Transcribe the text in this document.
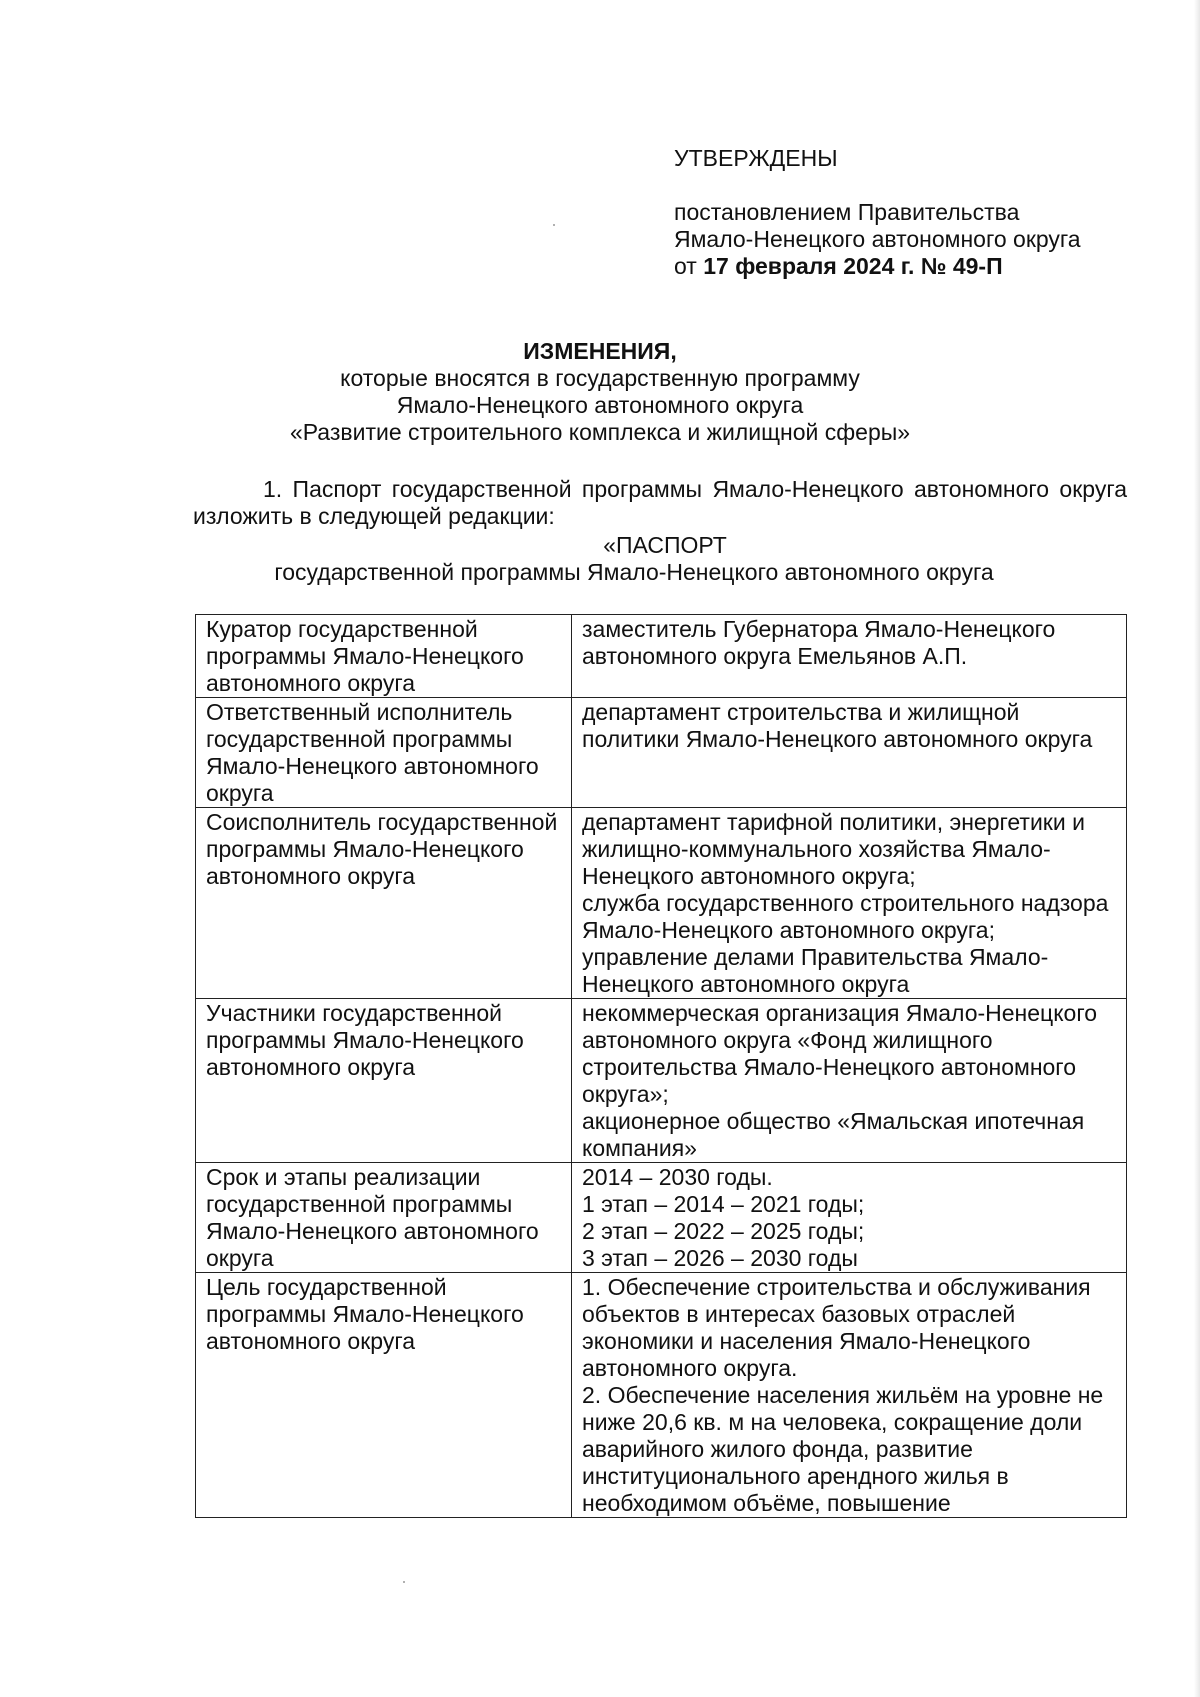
УТВЕРЖДЕНЫ
постановлением Правительства
Ямало-Ненецкого автономного округа
от 17 февраля 2024 г. № 49-П
ИЗМЕНЕНИЯ,
которые вносятся в государственную программу
Ямало-Ненецкого автономного округа
«Развитие строительного комплекса и жилищной сферы»
1. Паспорт государственной программы Ямало-Ненецкого автономного округа изложить в следующей редакции:
«ПАСПОРТ
государственной программы Ямало-Ненецкого автономного округа
Куратор государственной программы Ямало-Ненецкого автономного округа	заместитель Губернатора Ямало-Ненецкого автономного округа Емельянов А.П.

Ответственный исполнитель государственной программы Ямало-Ненецкого автономного округа	департамент строительства и жилищной политики Ямало-Ненецкого автономного округа

Соисполнитель государственной программы Ямало-Ненецкого автономного округа	департамент тарифной политики, энергетики и жилищно-коммунального хозяйства Ямало-Ненецкого автономного округа;
служба государственного строительного надзора Ямало-Ненецкого автономного округа;
управление делами Правительства Ямало-Ненецкого автономного округа

Участники государственной программы Ямало-Ненецкого автономного округа	некоммерческая организация Ямало-Ненецкого автономного округа «Фонд жилищного строительства Ямало-Ненецкого автономного округа»;
акционерное общество «Ямальская ипотечная компания»

Срок и этапы реализации государственной программы Ямало-Ненецкого автономного округа	2014 – 2030 годы.
1 этап – 2014 – 2021 годы;
2 этап – 2022 – 2025 годы;
3 этап – 2026 – 2030 годы

Цель государственной программы Ямало-Ненецкого автономного округа	1. Обеспечение строительства и обслуживания объектов в интересах базовых отраслей экономики и населения Ямало-Ненецкого автономного округа.
2. Обеспечение населения жильём на уровне не ниже 20,6 кв. м на человека, сокращение доли аварийного жилого фонда, развитие институционального арендного жилья в необходимом объёме, повышение
